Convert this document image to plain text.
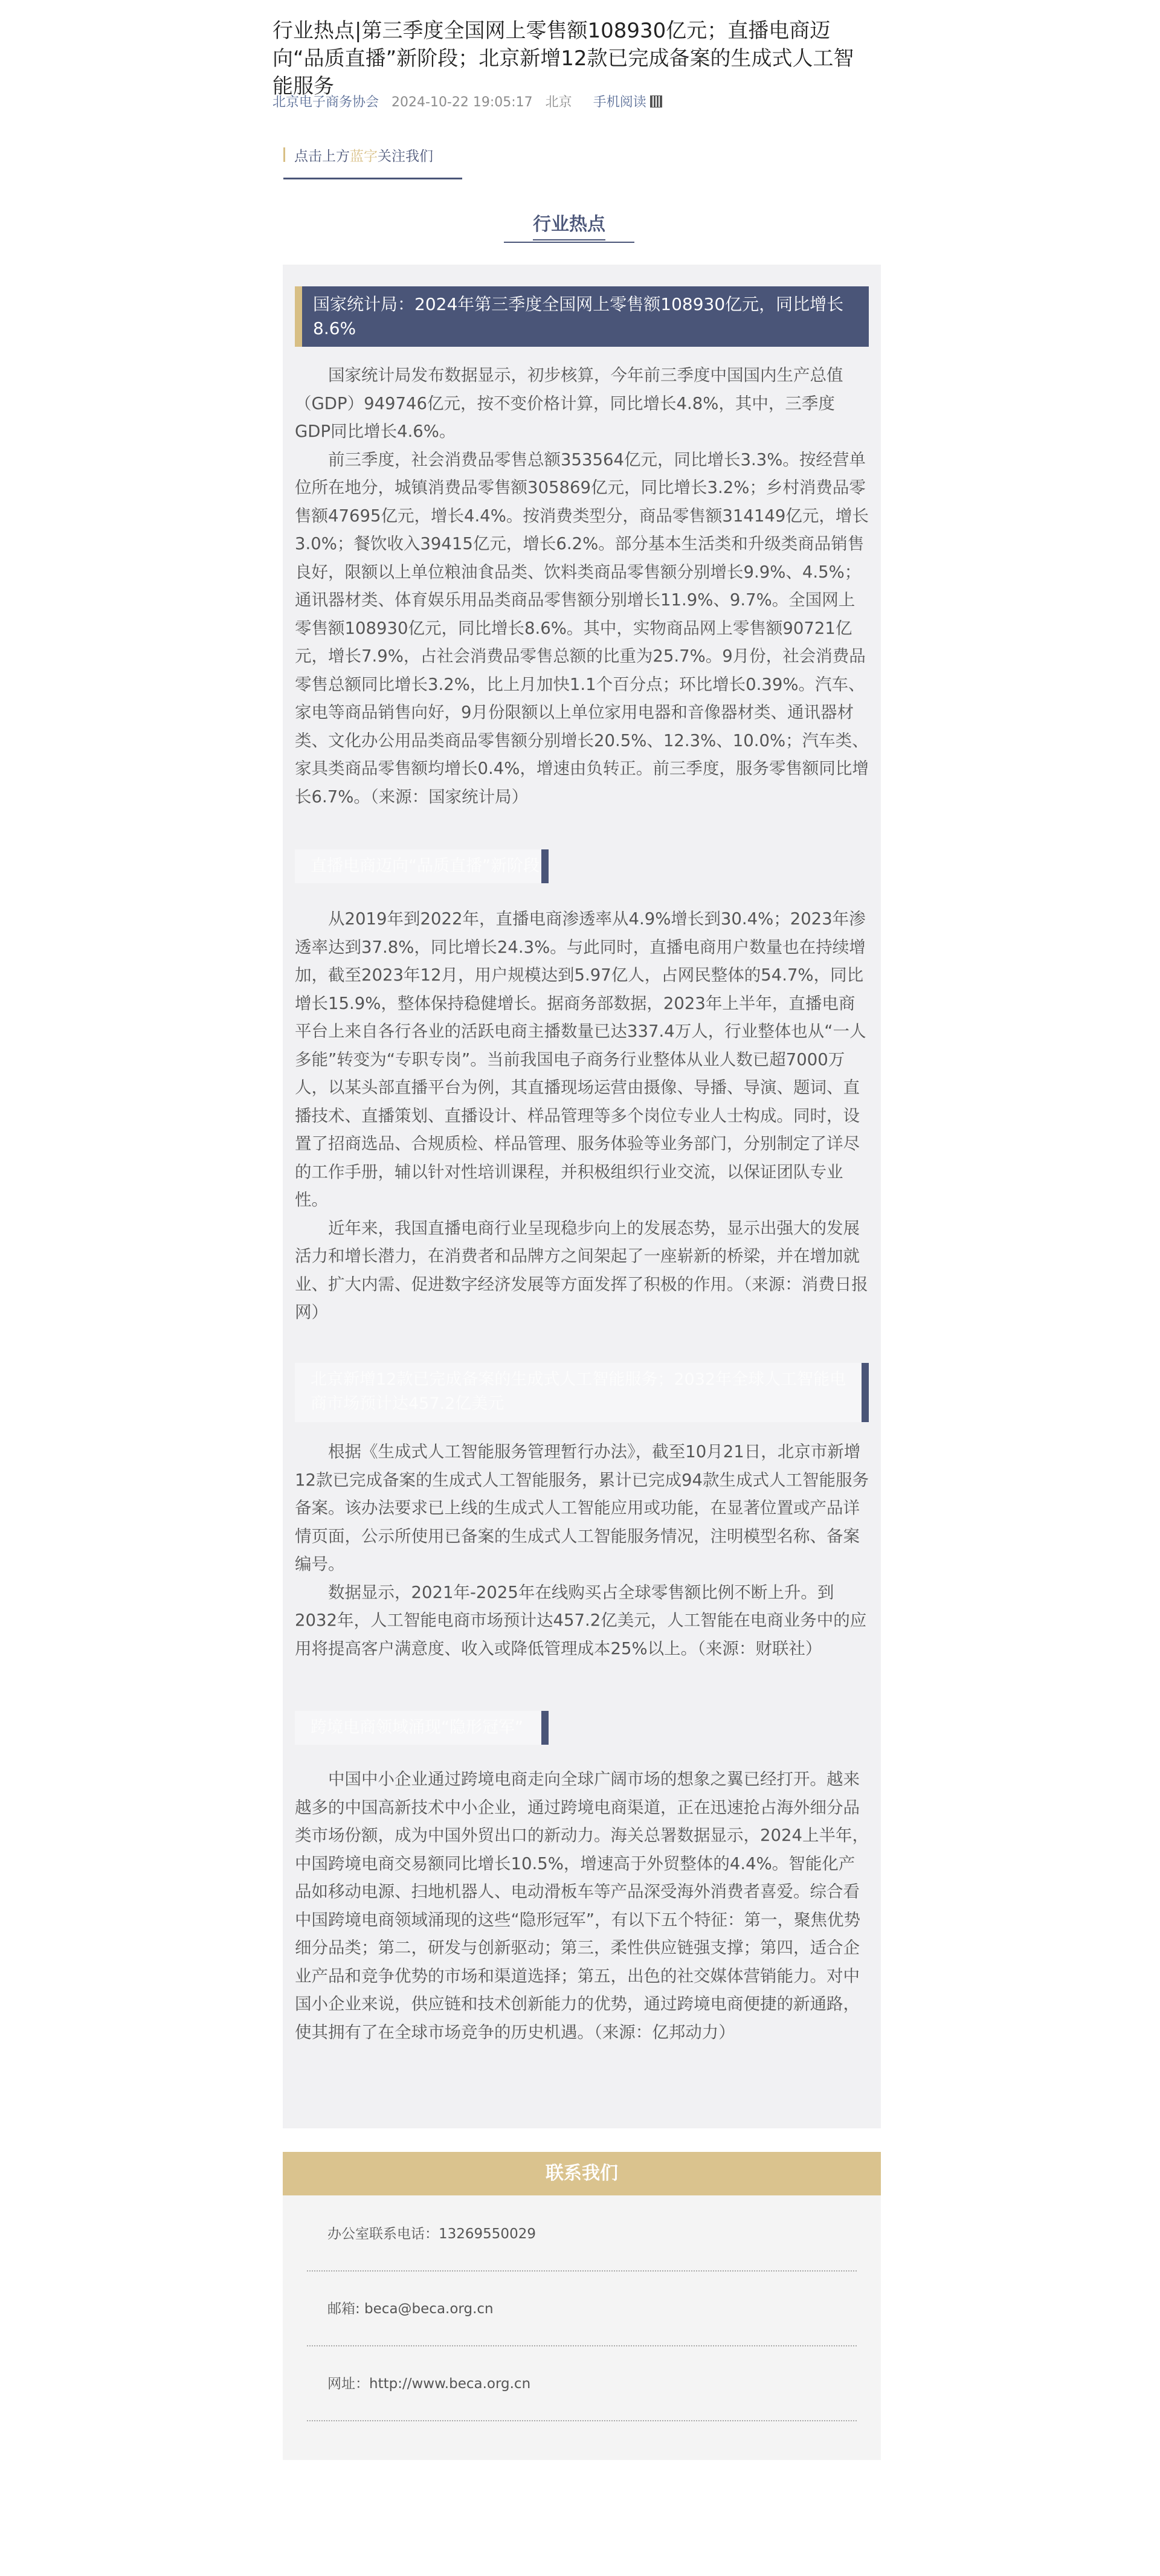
行业热点|第三季度全国网上零售额108930亿元；直播电商迈向“品质直播”新阶段；北京新增12款已完成备案的生成式人工智能服务
北京电子商务协会 2024-10-22 19:05:17 北京 手机阅读
点击上方蓝字关注我们
行业热点
国家统计局：2024年第三季度全国网上零售额108930亿元，同比增长8.6%

国家统计局发布数据显示，初步核算，今年前三季度中国国内生产总值（GDP）949746亿元，按不变价格计算，同比增长4.8%，其中，三季度GDP同比增长4.6%。

前三季度，社会消费品零售总额353564亿元，同比增长3.3%。按经营单位所在地分，城镇消费品零售额305869亿元，同比增长3.2%；乡村消费品零售额47695亿元，增长4.4%。按消费类型分，商品零售额314149亿元，增长3.0%；餐饮收入39415亿元，增长6.2%。部分基本生活类和升级类商品销售良好，限额以上单位粮油食品类、饮料类商品零售额分别增长9.9%、4.5%；通讯器材类、体育娱乐用品类商品零售额分别增长11.9%、9.7%。全国网上零售额108930亿元，同比增长8.6%。其中，实物商品网上零售额90721亿元，增长7.9%，占社会消费品零售总额的比重为25.7%。9月份，社会消费品零售总额同比增长3.2%，比上月加快1.1个百分点；环比增长0.39%。汽车、家电等商品销售向好，9月份限额以上单位家用电器和音像器材类、通讯器材类、文化办公用品类商品零售额分别增长20.5%、12.3%、10.0%；汽车类、家具类商品零售额均增长0.4%，增速由负转正。前三季度，服务零售额同比增长6.7%。（来源：国家统计局）

直播电商迈向“品质直播”新阶段

从2019年到2022年，直播电商渗透率从4.9%增长到30.4%；2023年渗透率达到37.8%，同比增长24.3%。与此同时，直播电商用户数量也在持续增加，截至2023年12月，用户规模达到5.97亿人，占网民整体的54.7%，同比增长15.9%，整体保持稳健增长。据商务部数据，2023年上半年，直播电商平台上来自各行各业的活跃电商主播数量已达337.4万人，行业整体也从“一人多能”转变为“专职专岗”。当前我国电子商务行业整体从业人数已超7000万人，以某头部直播平台为例，其直播现场运营由摄像、导播、导演、题词、直播技术、直播策划、直播设计、样品管理等多个岗位专业人士构成。同时，设置了招商选品、合规质检、样品管理、服务体验等业务部门，分别制定了详尽的工作手册，辅以针对性培训课程，并积极组织行业交流，以保证团队专业性。

近年来，我国直播电商行业呈现稳步向上的发展态势，显示出强大的发展活力和增长潜力，在消费者和品牌方之间架起了一座崭新的桥梁，并在增加就业、扩大内需、促进数字经济发展等方面发挥了积极的作用。（来源：消费日报网）

北京新增12款已完成备案的生成式人工智能服务；2032年全球人工智能电商市场预计达457.2亿美元

根据《生成式人工智能服务管理暂行办法》，截至10月21日，北京市新增12款已完成备案的生成式人工智能服务，累计已完成94款生成式人工智能服务备案。该办法要求已上线的生成式人工智能应用或功能，在显著位置或产品详情页面，公示所使用已备案的生成式人工智能服务情况，注明模型名称、备案编号。

数据显示，2021年-2025年在线购买占全球零售额比例不断上升。到2032年，人工智能电商市场预计达457.2亿美元，人工智能在电商业务中的应用将提高客户满意度、收入或降低管理成本25%以上。（来源：财联社）

跨境电商领域涌现“隐形冠军”

中国中小企业通过跨境电商走向全球广阔市场的想象之翼已经打开。越来越多的中国高新技术中小企业，通过跨境电商渠道，正在迅速抢占海外细分品类市场份额，成为中国外贸出口的新动力。海关总署数据显示，2024上半年，中国跨境电商交易额同比增长10.5%，增速高于外贸整体的4.4%。智能化产品如移动电源、扫地机器人、电动滑板车等产品深受海外消费者喜爱。综合看中国跨境电商领域涌现的这些“隐形冠军”，有以下五个特征：第一，聚焦优势细分品类；第二，研发与创新驱动；第三，柔性供应链强支撑；第四，适合企业产品和竞争优势的市场和渠道选择；第五，出色的社交媒体营销能力。对中国小企业来说，供应链和技术创新能力的优势，通过跨境电商便捷的新通路，使其拥有了在全球市场竞争的历史机遇。（来源：亿邦动力）

联系我们
办公室联系电话：13269550029
邮箱: beca@beca.org.cn
网址：http://www.beca.org.cn
